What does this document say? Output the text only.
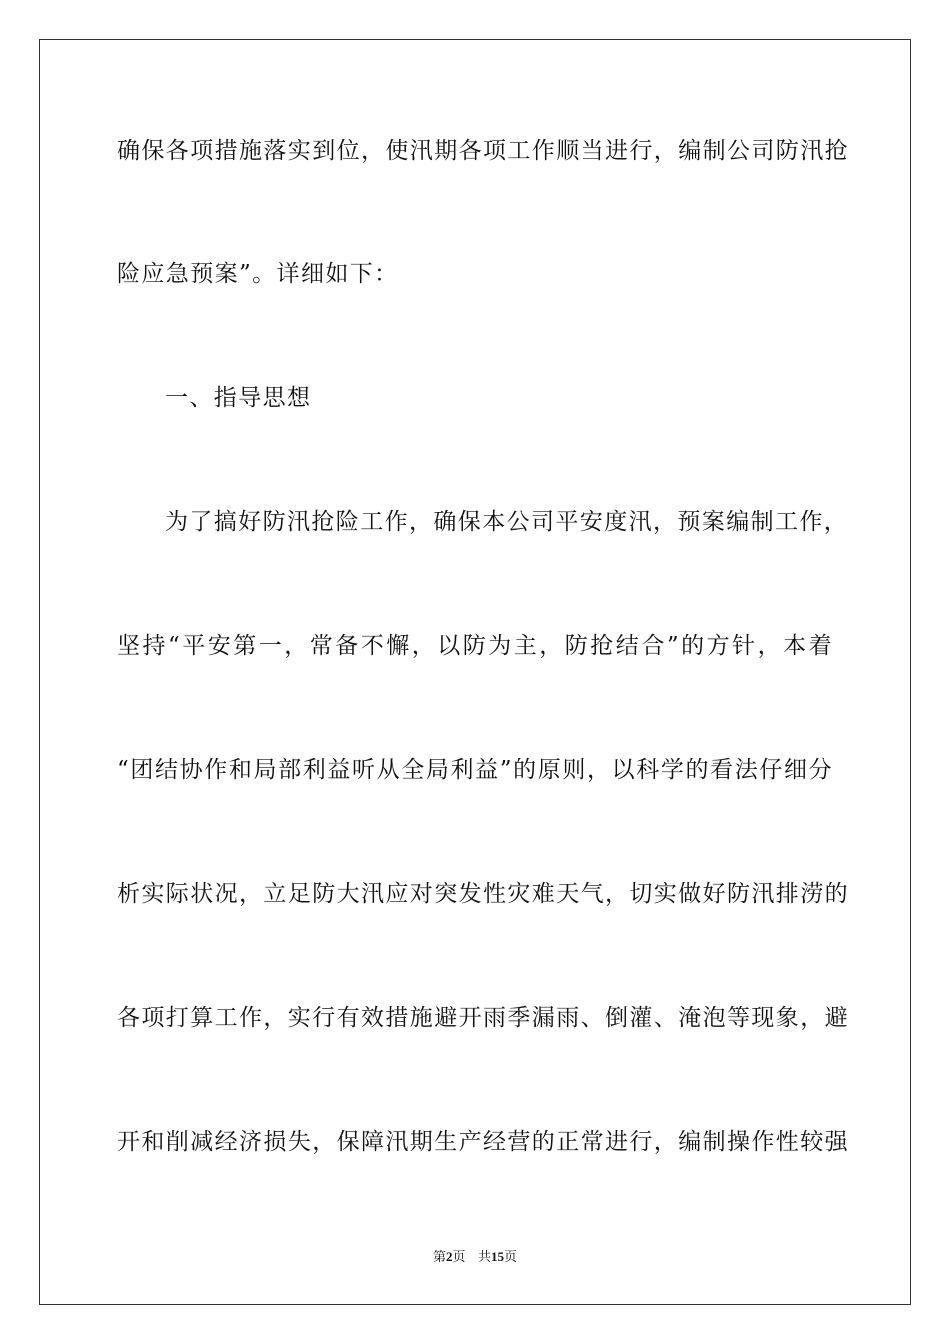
确保各项措施落实到位，使汛期各项工作顺当进行，编制公司防汛抢
险应急预案”。详细如下：
一、指导思想
为了搞好防汛抢险工作，确保本公司平安度汛，预案编制工作，
坚持“平安第一，常备不懈，以防为主，防抢结合”的方针，本着
“团结协作和局部利益听从全局利益”的原则，以科学的看法仔细分
析实际状况，立足防大汛应对突发性灾难天气，切实做好防汛排涝的
各项打算工作，实行有效措施避开雨季漏雨、倒灌、淹泡等现象，避
开和削减经济损失，保障汛期生产经营的正常进行，编制操作性较强
第2页 共15页
